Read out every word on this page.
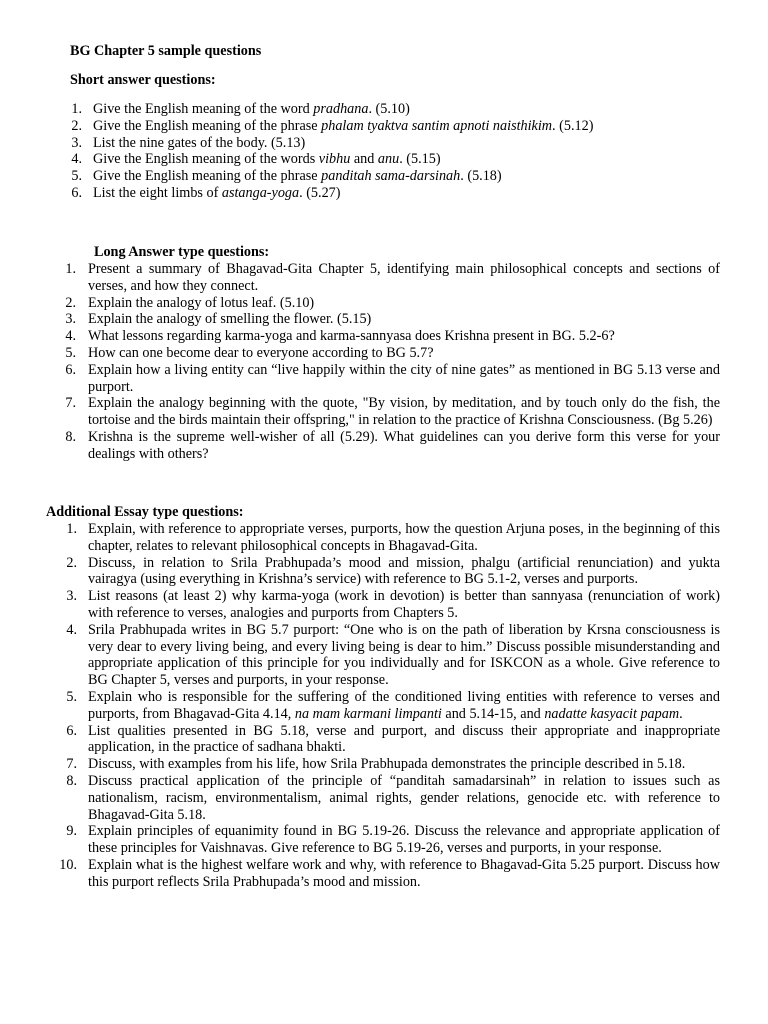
BG Chapter 5 sample questions
Short answer questions:
1. Give the English meaning of the word pradhana. (5.10)
2. Give the English meaning of the phrase phalam tyaktva santim apnoti naisthikim. (5.12)
3. List the nine gates of the body. (5.13)
4. Give the English meaning of the words vibhu and anu. (5.15)
5. Give the English meaning of the phrase panditah sama-darsinah. (5.18)
6. List the eight limbs of astanga-yoga. (5.27)
Long Answer type questions:
1. Present a summary of Bhagavad-Gita Chapter 5, identifying main philosophical concepts and sections of verses, and how they connect.
2. Explain the analogy of lotus leaf. (5.10)
3. Explain the analogy of smelling the flower. (5.15)
4. What lessons regarding karma-yoga and karma-sannyasa does Krishna present in BG. 5.2-6?
5. How can one become dear to everyone according to BG 5.7?
6. Explain how a living entity can “live happily within the city of nine gates” as mentioned in BG 5.13 verse and purport.
7. Explain the analogy beginning with the quote, "By vision, by meditation, and by touch only do the fish, the tortoise and the birds maintain their offspring," in relation to the practice of Krishna Consciousness. (Bg 5.26)
8. Krishna is the supreme well-wisher of all (5.29). What guidelines can you derive form this verse for your dealings with others?
Additional Essay type questions:
1. Explain, with reference to appropriate verses, purports, how the question Arjuna poses, in the beginning of this chapter, relates to relevant philosophical concepts in Bhagavad-Gita.
2. Discuss, in relation to Srila Prabhupada’s mood and mission, phalgu (artificial renunciation) and yukta vairagya (using everything in Krishna’s service) with reference to BG 5.1-2, verses and purports.
3. List reasons (at least 2) why karma-yoga (work in devotion) is better than sannyasa (renunciation of work) with reference to verses, analogies and purports from Chapters 5.
4. Srila Prabhupada writes in BG 5.7 purport: “One who is on the path of liberation by Krsna consciousness is very dear to every living being, and every living being is dear to him.” Discuss possible misunderstanding and appropriate application of this principle for you individually and for ISKCON as a whole. Give reference to BG Chapter 5, verses and purports, in your response.
5. Explain who is responsible for the suffering of the conditioned living entities with reference to verses and purports, from Bhagavad-Gita 4.14, na mam karmani limpanti and 5.14-15, and nadatte kasyacit papam.
6. List qualities presented in BG 5.18, verse and purport, and discuss their appropriate and inappropriate application, in the practice of sadhana bhakti.
7. Discuss, with examples from his life, how Srila Prabhupada demonstrates the principle described in 5.18.
8. Discuss practical application of the principle of “panditah samadarsinah” in relation to issues such as nationalism, racism, environmentalism, animal rights, gender relations, genocide etc. with reference to Bhagavad-Gita 5.18.
9. Explain principles of equanimity found in BG 5.19-26. Discuss the relevance and appropriate application of these principles for Vaishnavas. Give reference to BG 5.19-26, verses and purports, in your response.
10. Explain what is the highest welfare work and why, with reference to Bhagavad-Gita 5.25 purport. Discuss how this purport reflects Srila Prabhupada’s mood and mission.
